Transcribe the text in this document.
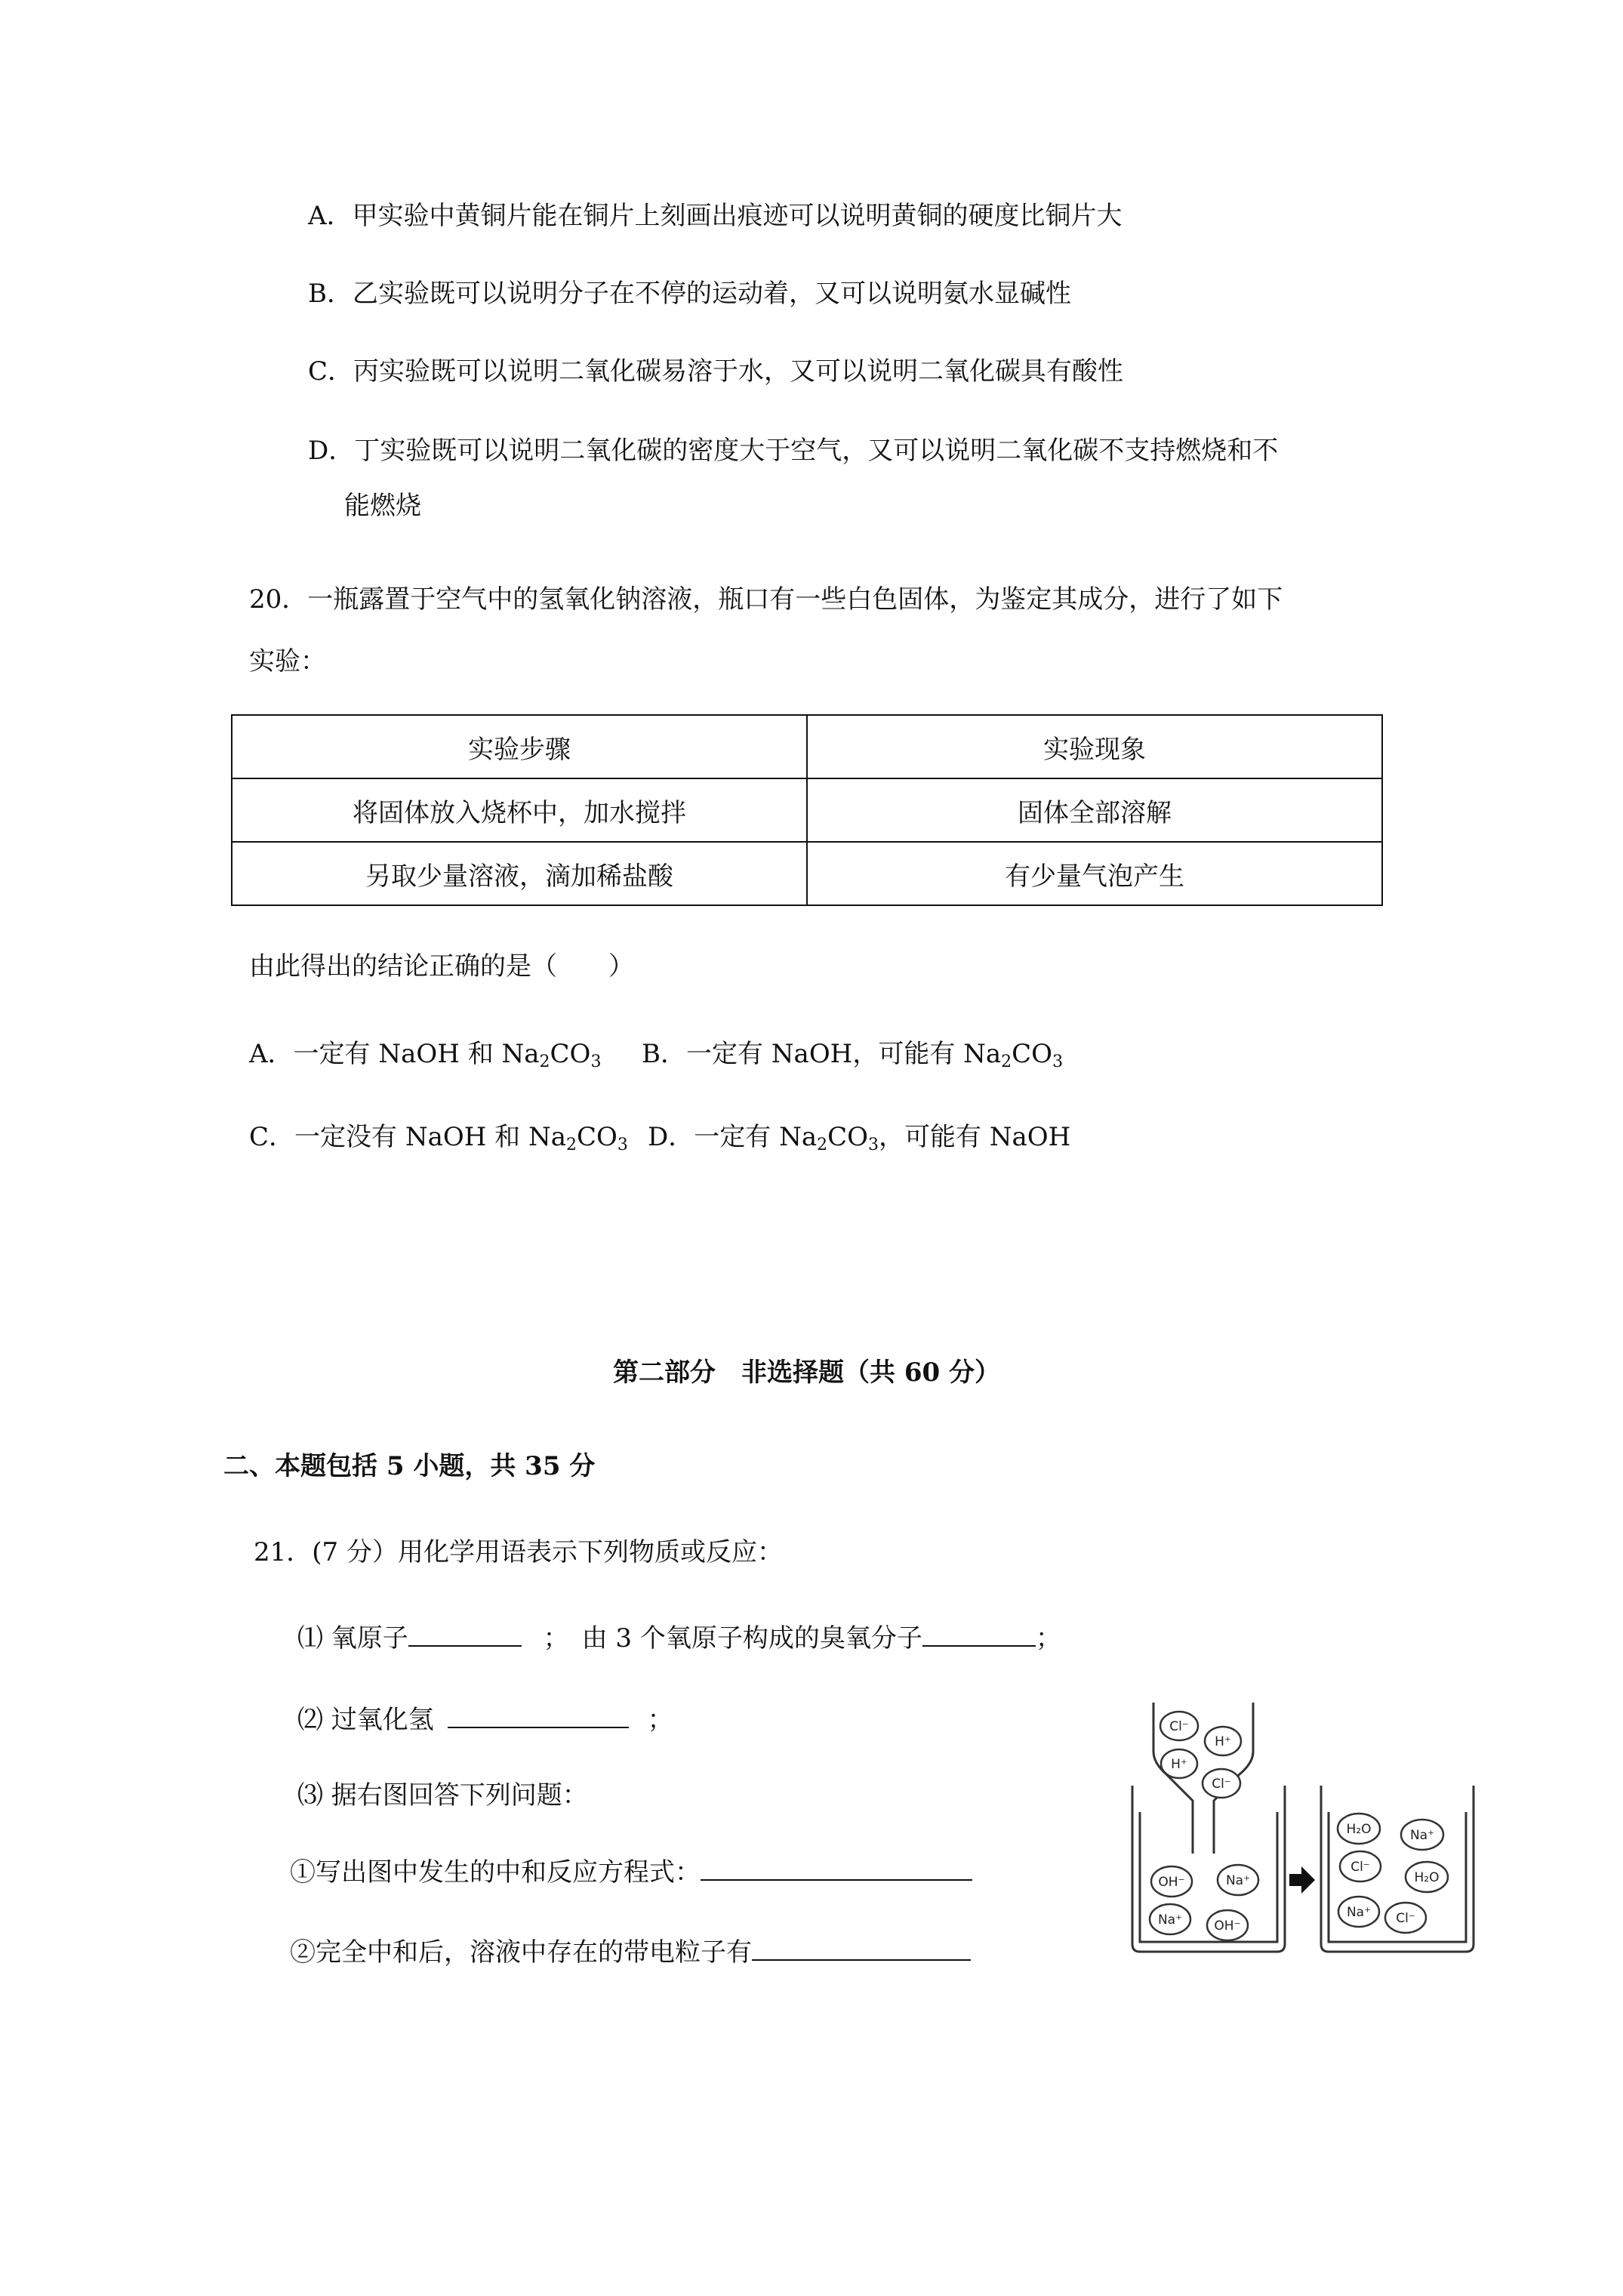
A．甲实验中黄铜片能在铜片上刻画出痕迹可以说明黄铜的硬度比铜片大
B．乙实验既可以说明分子在不停的运动着，又可以说明氨水显碱性
C．丙实验既可以说明二氧化碳易溶于水，又可以说明二氧化碳具有酸性
D．丁实验既可以说明二氧化碳的密度大于空气，又可以说明二氧化碳不支持燃烧和不
能燃烧
20．一瓶露置于空气中的氢氧化钠溶液，瓶口有一些白色固体，为鉴定其成分，进行了如下
实验：
实验步骤	实验现象
将固体放入烧杯中，加水搅拌	固体全部溶解
另取少量溶液，滴加稀盐酸	有少量气泡产生
由此得出的结论正确的是（　　）
A．一定有 NaOH 和 $Na_2CO_3$ B．一定有 NaOH，可能有 $Na_2CO_3$
C．一定没有 NaOH 和 $Na_2CO_3$ D．一定有 $Na_2CO_3$，可能有 NaOH
第二部分　非选择题（共 60 分）
二、本题包括 5 小题，共 35 分
21．(7 分）用化学用语表示下列物质或反应：
⑴ 氧原子	；　由 3 个氧原子构成的臭氧分子	；
⑵ 过氧化氢	；
⑶ 据右图回答下列问题：
①写出图中发生的中和反应方程式：
②完全中和后，溶液中存在的带电粒子有
Cl⁻
H⁺
H⁺
Cl⁻
OH⁻	Na⁺
Na⁺ OH⁻
H₂O	Na⁺
Cl⁻
H₂O
Na⁺ Cl⁻
